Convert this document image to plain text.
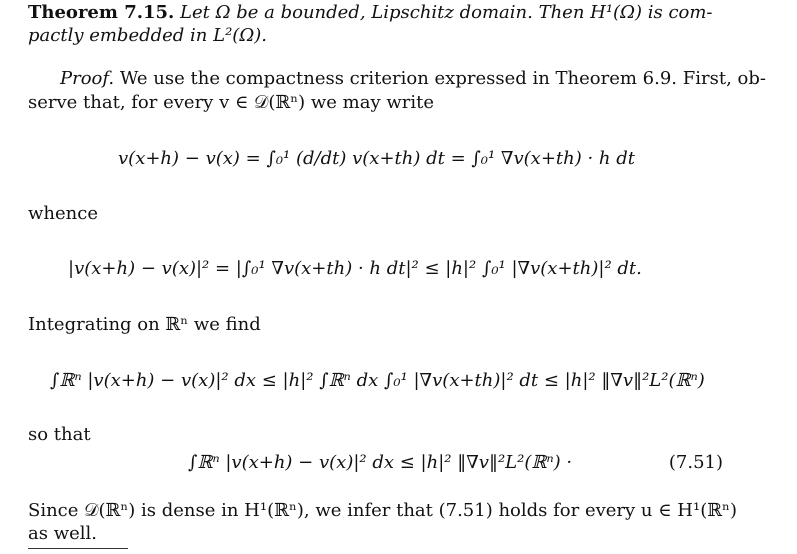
Theorem 7.15. Let Ω be a bounded, Lipschitz domain. Then H¹(Ω) is com-
pactly embedded in L²(Ω).
Proof. We use the compactness criterion expressed in Theorem 6.9. First, ob-
serve that, for every v ∈ 𝒟(ℝⁿ) we may write
v(x+h) − v(x) = ∫₀¹ (d/dt) v(x+th) dt = ∫₀¹ ∇v(x+th) · h dt
whence
|v(x+h) − v(x)|² = |∫₀¹ ∇v(x+th) · h dt|² ≤ |h|² ∫₀¹ |∇v(x+th)|² dt.
Integrating on ℝⁿ we find
∫ℝⁿ |v(x+h) − v(x)|² dx ≤ |h|² ∫ℝⁿ dx ∫₀¹ |∇v(x+th)|² dt ≤ |h|² ‖∇v‖²L²(ℝⁿ)
so that
∫ℝⁿ |v(x+h) − v(x)|² dx ≤ |h|² ‖∇v‖²L²(ℝⁿ) ·	(7.51)
Since 𝒟(ℝⁿ) is dense in H¹(ℝⁿ), we infer that (7.51) holds for every u ∈ H¹(ℝⁿ)
as well.
